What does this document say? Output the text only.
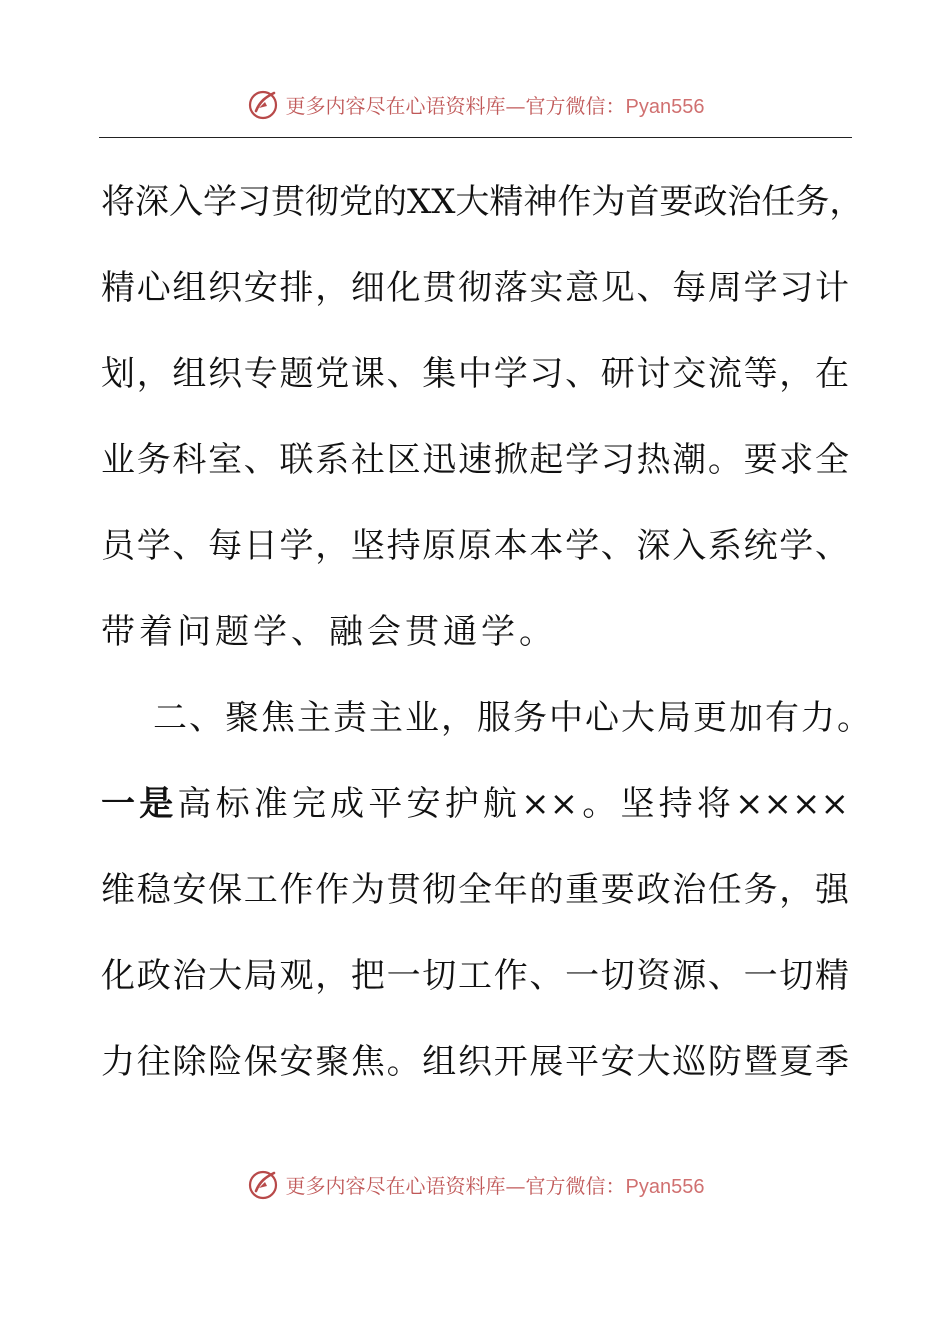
更多内容尽在心语资料库—官方微信：Pyan556
将深入学习贯彻党的XX大精神作为首要政治任务，
精心组织安排，细化贯彻落实意见、每周学习计
划，组织专题党课、集中学习、研讨交流等，在
业务科室、联系社区迅速掀起学习热潮。要求全
员学、每日学，坚持原原本本学、深入系统学、
带着问题学、融会贯通学。
二、聚焦主责主业，服务中心大局更加有力。
一是高标准完成平安护航××。坚持将××××
维稳安保工作作为贯彻全年的重要政治任务，强
化政治大局观，把一切工作、一切资源、一切精
力往除险保安聚焦。组织开展平安大巡防暨夏季
更多内容尽在心语资料库—官方微信：Pyan556
